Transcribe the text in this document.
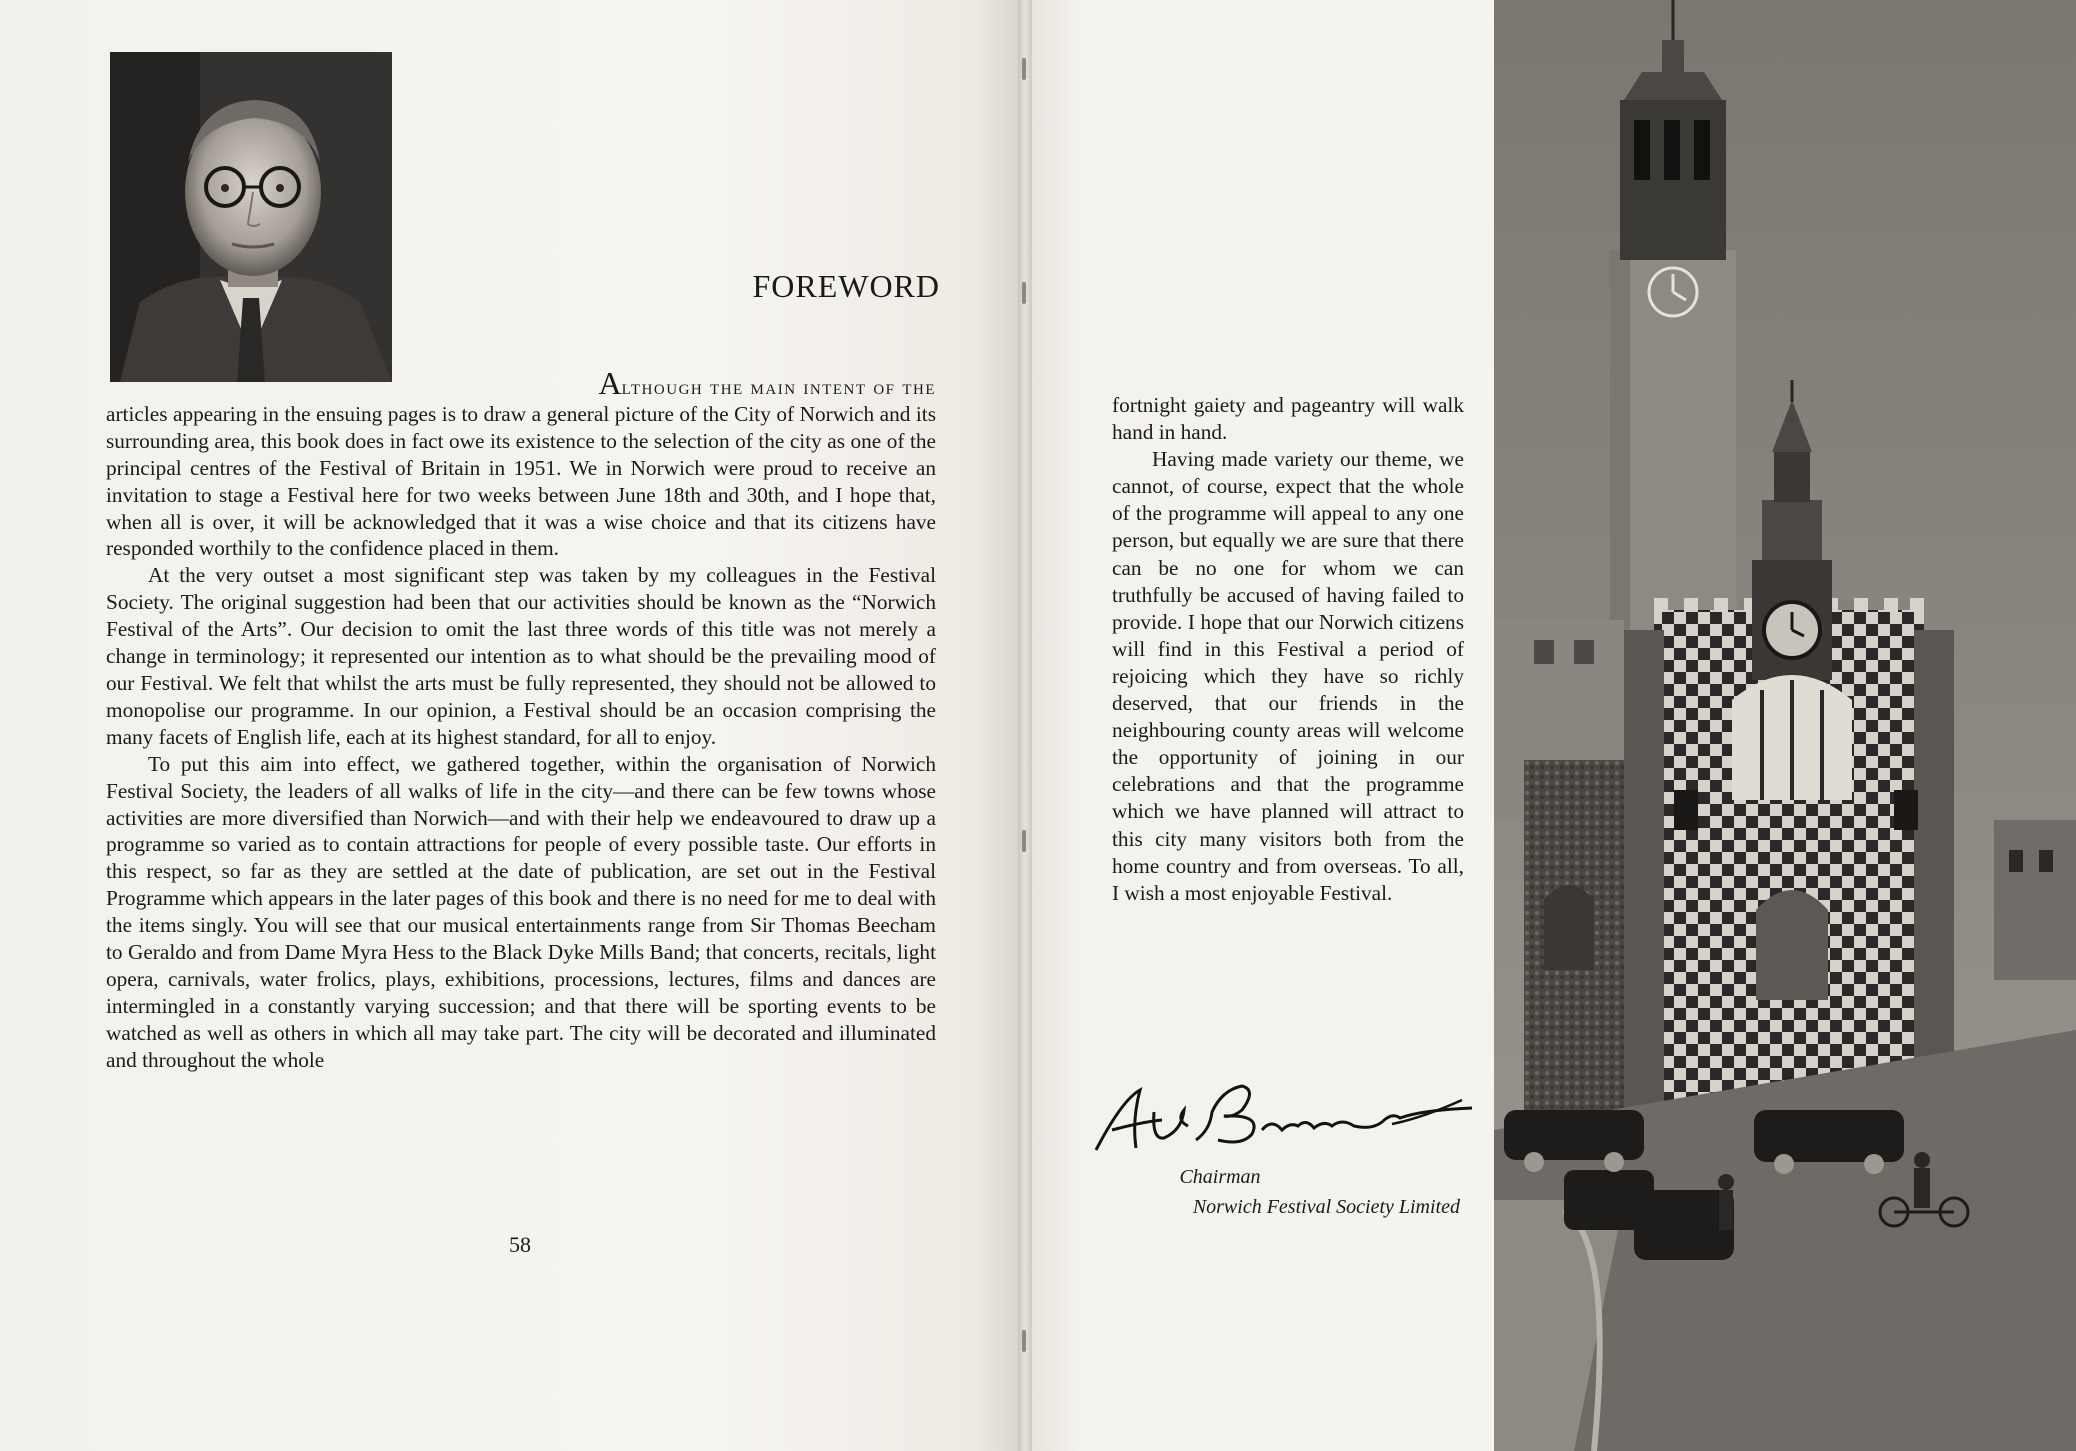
FOREWORD

Although the main intent of the

articles appearing in the ensuing pages is to draw a general picture of the City of Norwich and its surrounding area, this book does in fact owe its existence to the selection of the city as one of the principal centres of the Festival of Britain in 1951. We in Norwich were proud to receive an invitation to stage a Festival here for two weeks between June 18th and 30th, and I hope that, when all is over, it will be acknowledged that it was a wise choice and that its citizens have responded worthily to the confidence placed in them.

At the very outset a most significant step was taken by my colleagues in the Festival Society. The original suggestion had been that our activities should be known as the “Norwich Festival of the Arts”. Our decision to omit the last three words of this title was not merely a change in terminology; it represented our intention as to what should be the prevailing mood of our Festival. We felt that whilst the arts must be fully represented, they should not be allowed to monopolise our programme. In our opinion, a Festival should be an occasion comprising the many facets of English life, each at its highest standard, for all to enjoy.

To put this aim into effect, we gathered together, within the organisation of Norwich Festival Society, the leaders of all walks of life in the city—and there can be few towns whose activities are more diversified than Norwich—and with their help we endeavoured to draw up a programme so varied as to contain attractions for people of every possible taste. Our efforts in this respect, so far as they are settled at the date of publication, are set out in the Festival Programme which appears in the later pages of this book and there is no need for me to deal with the items singly. You will see that our musical entertainments range from Sir Thomas Beecham to Geraldo and from Dame Myra Hess to the Black Dyke Mills Band; that concerts, recitals, light opera, carnivals, water frolics, plays, exhibitions, processions, lectures, films and dances are intermingled in a constantly varying succession; and that there will be sporting events to be watched as well as others in which all may take part. The city will be decorated and illuminated and throughout the whole

58

fortnight gaiety and pageantry will walk hand in hand.

Having made variety our theme, we cannot, of course, expect that the whole of the programme will appeal to any one person, but equally we are sure that there can be no one for whom we can truthfully be accused of having failed to provide. I hope that our Norwich citizens will find in this Festival a period of rejoicing which they have so richly deserved, that our friends in the neighbouring county areas will welcome the opportunity of joining in our celebrations and that the programme which we have planned will attract to this city many visitors both from the home country and from overseas. To all, I wish a most enjoyable Festival.

Chairman
Norwich Festival Society Limited
